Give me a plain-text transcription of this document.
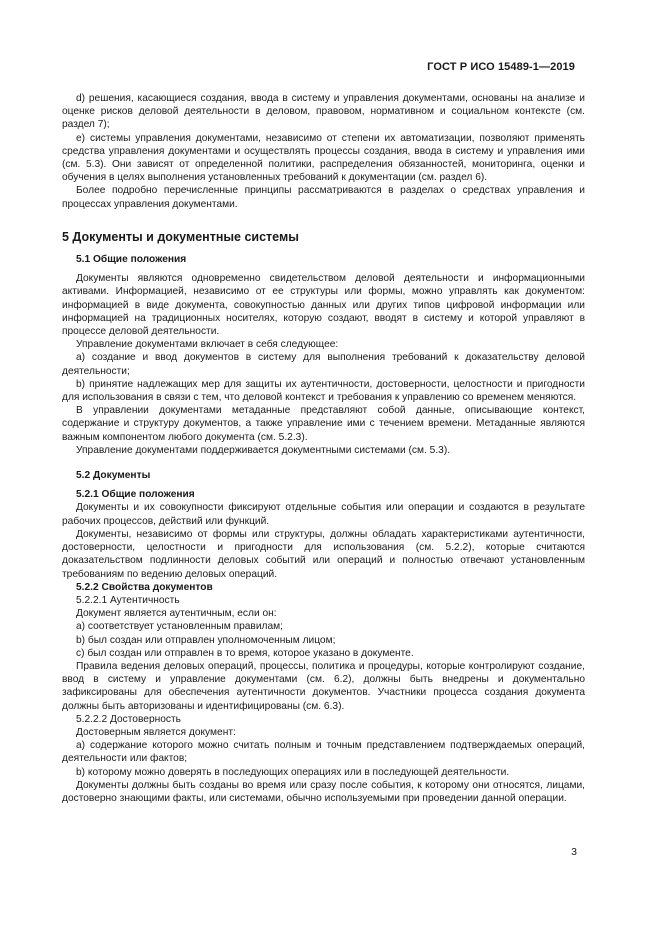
ГОСТ Р ИСО 15489-1—2019

d) решения, касающиеся создания, ввода в систему и управления документами, основаны на анализе и оценке рисков деловой деятельности в деловом, правовом, нормативном и социальном контексте (см. раздел 7);

e) системы управления документами, независимо от степени их автоматизации, позволяют применять средства управления документами и осуществлять процессы создания, ввода в систему и управления ими (см. 5.3). Они зависят от определенной политики, распределения обязанностей, мониторинга, оценки и обучения в целях выполнения установленных требований к документации (см. раздел 6).

Более подробно перечисленные принципы рассматриваются в разделах о средствах управления и процессах управления документами.

5 Документы и документные системы
5.1 Общие положения

Документы являются одновременно свидетельством деловой деятельности и информационными активами. Информацией, независимо от ее структуры или формы, можно управлять как документом: информацией в виде документа, совокупностью данных или других типов цифровой информации или информацией на традиционных носителях, которую создают, вводят в систему и которой управляют в процессе деловой деятельности.

Управление документами включает в себя следующее:

a) создание и ввод документов в систему для выполнения требований к доказательству деловой деятельности;

b) принятие надлежащих мер для защиты их аутентичности, достоверности, целостности и пригодности для использования в связи с тем, что деловой контекст и требования к управлению со временем меняются.

В управлении документами метаданные представляют собой данные, описывающие контекст, содержание и структуру документов, а также управление ими с течением времени. Метаданные являются важным компонентом любого документа (см. 5.2.3).

Управление документами поддерживается документными системами (см. 5.3).

5.2 Документы
5.2.1 Общие положения

Документы и их совокупности фиксируют отдельные события или операции и создаются в результате рабочих процессов, действий или функций.

Документы, независимо от формы или структуры, должны обладать характеристиками аутентичности, достоверности, целостности и пригодности для использования (см. 5.2.2), которые считаются доказательством подлинности деловых событий или операций и полностью отвечают установленным требованиям по ведению деловых операций.

5.2.2 Свойства документов
5.2.2.1 Аутентичность

Документ является аутентичным, если он:

a) соответствует установленным правилам;

b) был создан или отправлен уполномоченным лицом;

c) был создан или отправлен в то время, которое указано в документе.

Правила ведения деловых операций, процессы, политика и процедуры, которые контролируют создание, ввод в систему и управление документами (см. 6.2), должны быть внедрены и документально зафиксированы для обеспечения аутентичности документов. Участники процесса создания документа должны быть авторизованы и идентифицированы (см. 6.3).

5.2.2.2 Достоверность

Достоверным является документ:

a) содержание которого можно считать полным и точным представлением подтверждаемых операций, деятельности или фактов;

b) которому можно доверять в последующих операциях или в последующей деятельности.

Документы должны быть созданы во время или сразу после события, к которому они относятся, лицами, достоверно знающими факты, или системами, обычно используемыми при проведении данной операции.

3
